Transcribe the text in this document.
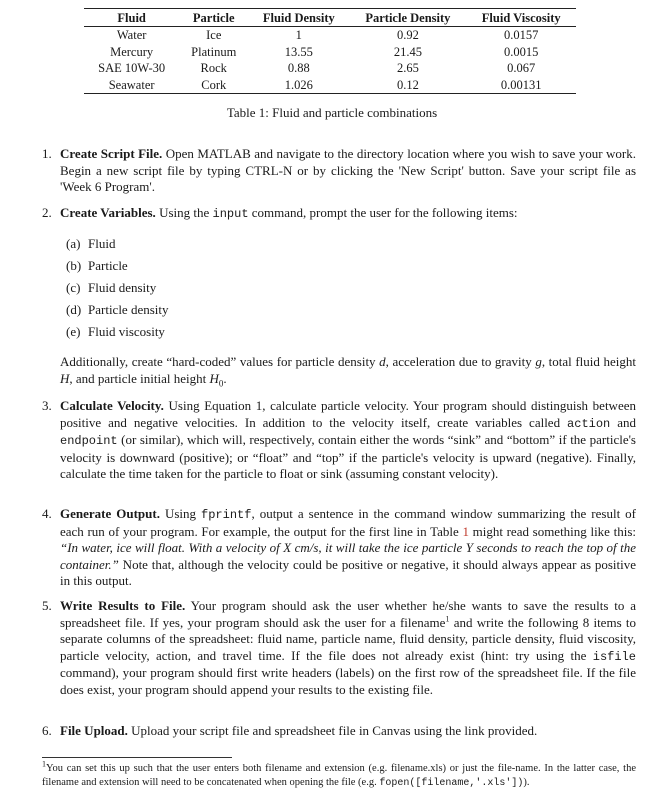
Fluid	Particle	Fluid Density	Particle Density	Fluid Viscosity
Water	Ice	1	0.92	0.0157
Mercury	Platinum	13.55	21.45	0.0015
SAE 10W-30	Rock	0.88	2.65	0.067
Seawater	Cork	1.026	0.12	0.00131
Table 1: Fluid and particle combinations
1. Create Script File. Open MATLAB and navigate to the directory location where you wish to save your work. Begin a new script file by typing CTRL-N or by clicking the 'New Script' button. Save your script file as 'Week 6 Program'.
2. Create Variables. Using the input command, prompt the user for the following items:
(a) Fluid
(b) Particle
(c) Fluid density
(d) Particle density
(e) Fluid viscosity
Additionally, create “hard-coded” values for particle density d, acceleration due to gravity g, total fluid height H, and particle initial height $H_0$.
3. Calculate Velocity. Using Equation 1, calculate particle velocity. Your program should distinguish between positive and negative velocities. In addition to the velocity itself, create variables called action and endpoint (or similar), which will, respectively, contain either the words “sink” and “bottom” if the particle's velocity is downward (positive); or “float” and “top” if the particle's velocity is upward (negative). Finally, calculate the time taken for the particle to float or sink (assuming constant velocity).
4. Generate Output. Using fprintf, output a sentence in the command window summarizing the result of each run of your program. For example, the output for the first line in Table 1 might read something like this: “In water, ice will float. With a velocity of X cm/s, it will take the ice particle Y seconds to reach the top of the container.” Note that, although the velocity could be positive or negative, it should always appear as positive in this output.
5. Write Results to File. Your program should ask the user whether he/she wants to save the results to a spreadsheet file. If yes, your program should ask the user for a filename$^1$ and write the following 8 items to separate columns of the spreadsheet: fluid name, particle name, fluid density, particle density, fluid viscosity, particle velocity, action, and travel time. If the file does not already exist (hint: try using the isfile command), your program should first write headers (labels) on the first row of the spreadsheet file. If the file does exist, your program should append your results to the existing file.
6. File Upload. Upload your script file and spreadsheet file in Canvas using the link provided.
$^1$You can set this up such that the user enters both filename and extension (e.g. filename.xls) or just the file-name. In the latter case, the filename and extension will need to be concatenated when opening the file (e.g. fopen([filename,'.xls'])).
